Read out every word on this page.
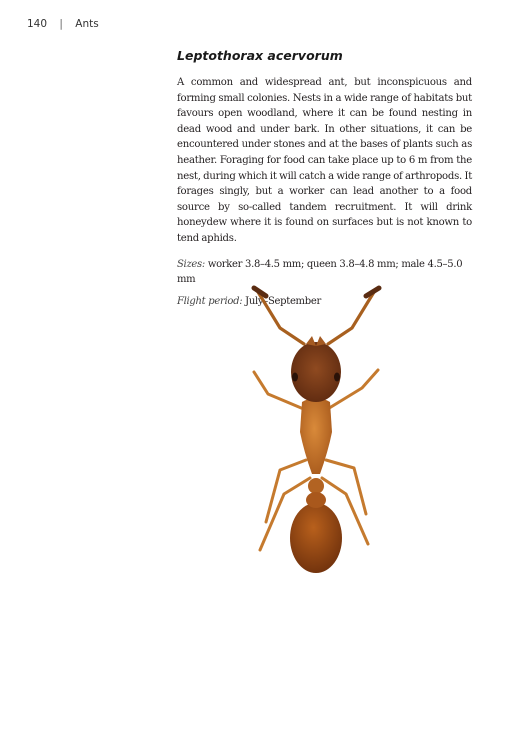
140 | Ants
Leptothorax acervorum

A common and widespread ant, but inconspicuous and forming small colonies. Nests in a wide range of habitats but favours open woodland, where it can be found nesting in dead wood and under bark. In other situations, it can be encountered under stones and at the bases of plants such as heather. Foraging for food can take place up to 6 m from the nest, during which it will catch a wide range of arthropods. It forages singly, but a worker can lead another to a food source by so-called tandem recruitment. It will drink honeydew where it is found on surfaces but is not known to tend aphids.

Sizes: worker 3.8–4.5 mm; queen 3.8–4.8 mm; male 4.5–5.0 mm

Flight period: July–September
